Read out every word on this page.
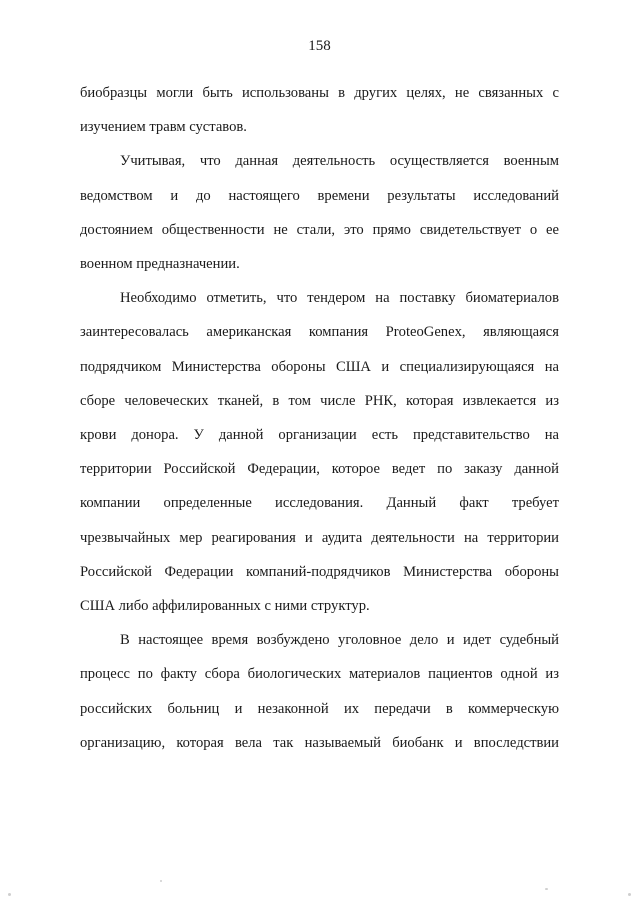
158
биобразцы могли быть использованы в других целях, не связанных с
изучением травм суставов.
Учитывая, что данная деятельность осуществляется военным
ведомством и до настоящего времени результаты исследований
достоянием общественности не стали, это прямо свидетельствует о ее
военном предназначении.
Необходимо отметить, что тендером на поставку биоматериалов
заинтересовалась американская компания ProteoGenex, являющаяся
подрядчиком Министерства обороны США и специализирующаяся на
сборе человеческих тканей, в том числе РНК, которая извлекается из
крови донора. У данной организации есть представительство на
территории Российской Федерации, которое ведет по заказу данной
компании определенные исследования. Данный факт требует
чрезвычайных мер реагирования и аудита деятельности на территории
Российской Федерации компаний-подрядчиков Министерства обороны
США либо аффилированных с ними структур.
В настоящее время возбуждено уголовное дело и идет судебный
процесс по факту сбора биологических материалов пациентов одной из
российских больниц и незаконной их передачи в коммерческую
организацию, которая вела так называемый биобанк и впоследствии
